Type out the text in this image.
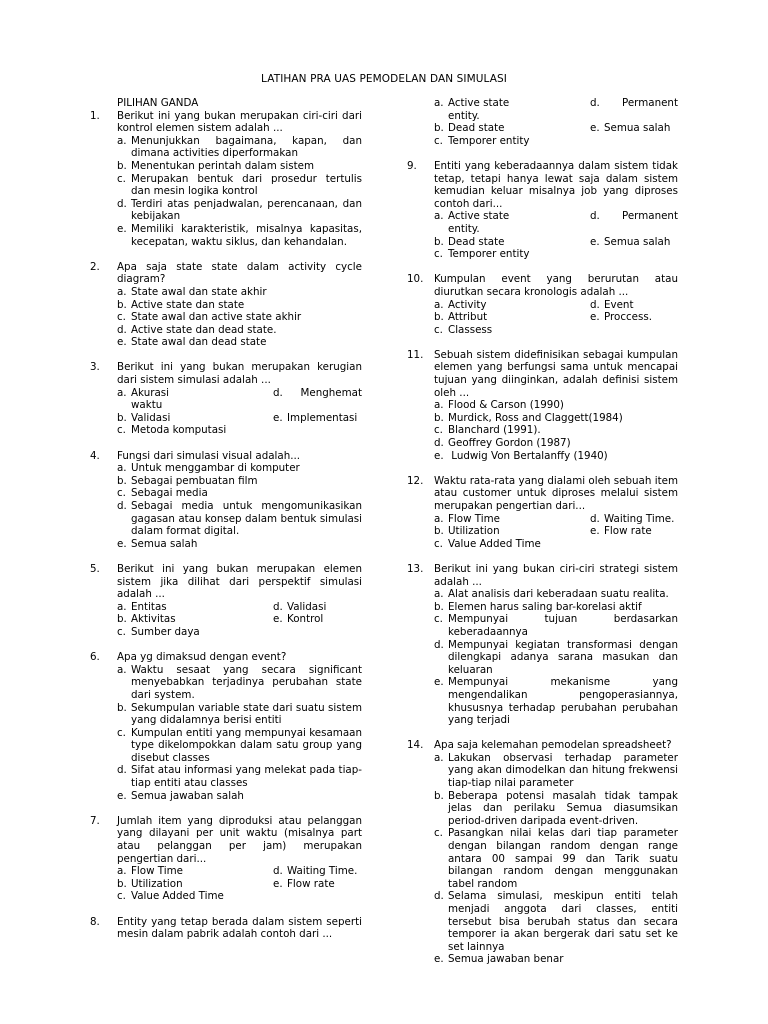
LATIHAN PRA UAS PEMODELAN DAN SIMULASI
PILIHAN GANDA
1.	Berikut ini yang bukan merupakan ciri-ciri dari kontrol elemen sistem adalah ...
a. Menunjukkan bagaimana, kapan, dan dimana activities diperformakan
b. Menentukan perintah dalam sistem
c. Merupakan bentuk dari prosedur tertulis dan mesin logika kontrol
d. Terdiri atas penjadwalan, perencanaan, dan kebijakan
e. Memiliki karakteristik, misalnya kapasitas, kecepatan, waktu siklus, dan kehandalan.
2.	Apa saja state state dalam activity cycle diagram?
a. State awal dan state akhir
b. Active state dan state
c. State awal dan active state akhir
d. Active state dan dead state.
e. State awal dan dead state
3.	Berikut ini yang bukan merupakan kerugian dari sistem simulasi adalah ...
a. Akurasi	d.	Menghemat
waktu
b. Validasi	e. Implementasi
c. Metoda komputasi
4.	Fungsi dari simulasi visual adalah...
a. Untuk menggambar di komputer
b. Sebagai pembuatan film
c. Sebagai media
d. Sebagai media untuk mengomunikasikan gagasan atau konsep dalam bentuk simulasi dalam format digital.
e. Semua salah
5.	Berikut ini yang bukan merupakan elemen sistem jika dilihat dari perspektif simulasi adalah ...
a. Entitas	d. Validasi
b. Aktivitas	e. Kontrol
c. Sumber daya
6.	Apa yg dimaksud dengan event?
a. Waktu sesaat yang secara significant menyebabkan terjadinya perubahan state dari system.
b. Sekumpulan variable state dari suatu sistem yang didalamnya berisi entiti
c. Kumpulan entiti yang mempunyai kesamaan type dikelompokkan dalam satu group yang disebut classes
d. Sifat atau informasi yang melekat pada tiap-tiap entiti atau classes
e. Semua jawaban salah
7.	Jumlah item yang diproduksi atau pelanggan yang dilayani per unit waktu (misalnya part atau pelanggan per jam) merupakan pengertian dari...
a. Flow Time	d. Waiting Time.
b. Utilization	e. Flow rate
c. Value Added Time
8.	Entity yang tetap berada dalam sistem seperti mesin dalam pabrik adalah contoh dari ...
a. Active state	d.	Permanent
entity.
b. Dead state	e. Semua salah
c. Temporer entity
9.	Entiti yang keberadaannya dalam sistem tidak tetap, tetapi hanya lewat saja dalam sistem kemudian keluar misalnya job yang diproses contoh dari...
a. Active state	d.	Permanent
entity.
b. Dead state	e. Semua salah
c. Temporer entity
10.	Kumpulan event yang berurutan atau diurutkan secara kronologis adalah ...
a. Activity	d. Event
b. Attribut	e. Proccess.
c. Classess
11.	Sebuah sistem didefinisikan sebagai kumpulan elemen yang berfungsi sama untuk mencapai tujuan yang diinginkan, adalah definisi sistem oleh ...
a. Flood & Carson (1990)
b. Murdick, Ross and Claggett(1984)
c. Blanchard (1991).
d. Geoffrey Gordon (1987)
e. Ludwig Von Bertalanffy (1940)
12.	Waktu rata-rata yang dialami oleh sebuah item atau customer untuk diproses melalui sistem merupakan pengertian dari...
a. Flow Time	d. Waiting Time.
b. Utilization	e. Flow rate
c. Value Added Time
13.	Berikut ini yang bukan ciri-ciri strategi sistem adalah ...
a. Alat analisis dari keberadaan suatu realita.
b. Elemen harus saling bar-korelasi aktif
c. Mempunyai tujuan berdasarkan keberadaannya
d. Mempunyai kegiatan transformasi dengan dilengkapi adanya sarana masukan dan keluaran
e. Mempunyai mekanisme yang mengendalikan pengoperasiannya, khususnya terhadap perubahan perubahan yang terjadi
14.	Apa saja kelemahan pemodelan spreadsheet?
a. Lakukan observasi terhadap parameter yang akan dimodelkan dan hitung frekwensi tiap-tiap nilai parameter
b. Beberapa potensi masalah tidak tampak jelas dan perilaku Semua diasumsikan period-driven daripada event-driven.
c. Pasangkan nilai kelas dari tiap parameter dengan bilangan random dengan range antara 00 sampai 99 dan Tarik suatu bilangan random dengan menggunakan tabel random
d. Selama simulasi, meskipun entiti telah menjadi anggota dari classes, entiti tersebut bisa berubah status dan secara temporer ia akan bergerak dari satu set ke set lainnya
e. Semua jawaban benar
